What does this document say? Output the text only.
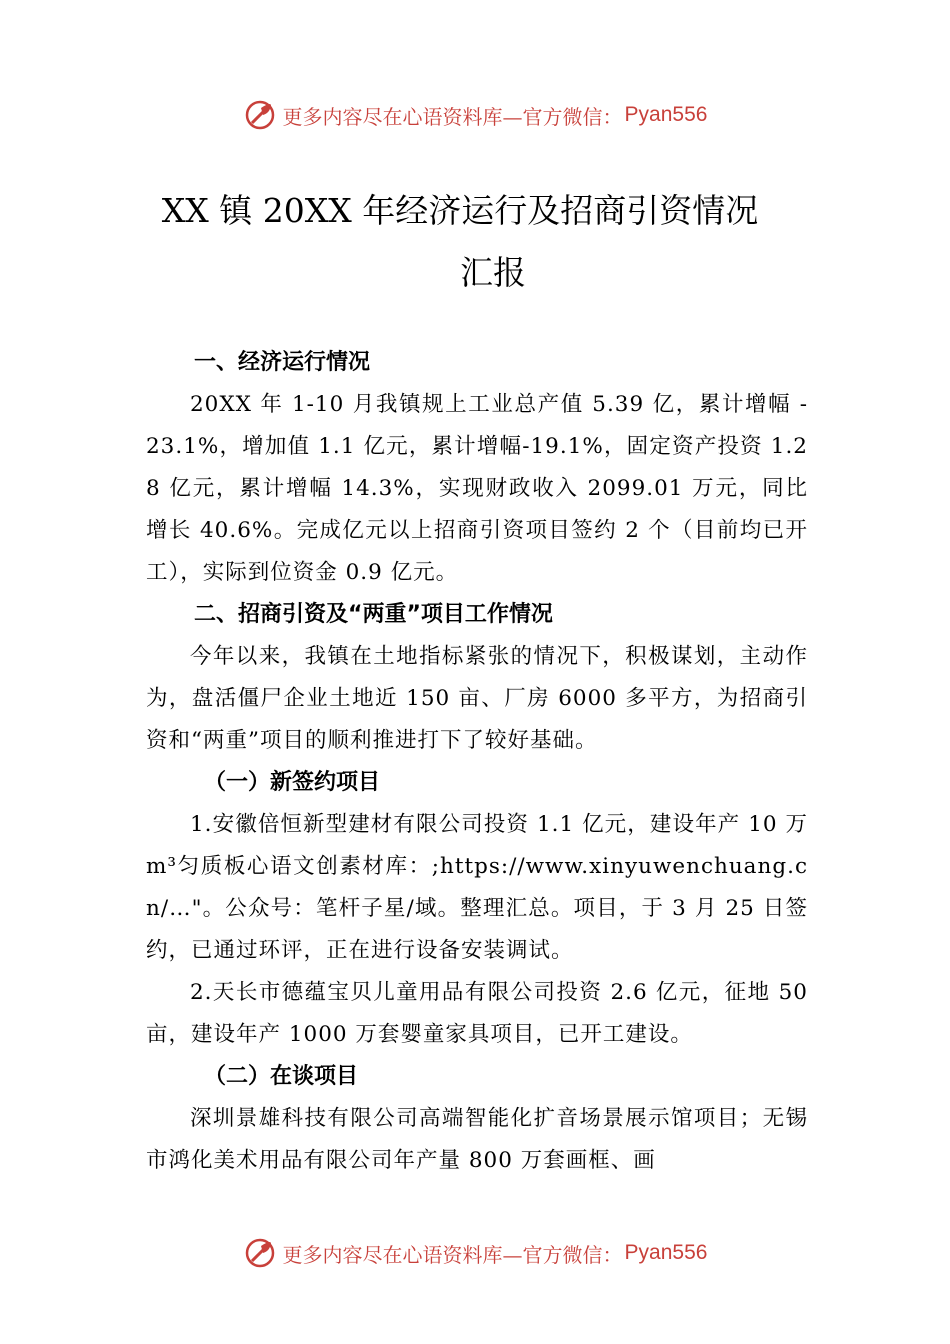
更多内容尽在心语资料库—官方微信： Pyan556
XX 镇 20XX 年经济运行及招商引资情况
汇报
一、经济运行情况

20XX 年 1-10 月我镇规上工业总产值 5.39 亿，累计增幅 -23.1%，增加值 1.1 亿元，累计增幅-19.1%，固定资产投资 1.28 亿元，累计增幅 14.3%，实现财政收入 2099.01 万元，同比增长 40.6%。完成亿元以上招商引资项目签约 2 个（目前均已开工），实际到位资金 0.9 亿元。

二、招商引资及“两重”项目工作情况

今年以来，我镇在土地指标紧张的情况下，积极谋划，主动作为，盘活僵尸企业土地近 150 亩、厂房 6000 多平方，为招商引资和“两重”项目的顺利推进打下了较好基础。

（一）新签约项目

1.安徽倍恒新型建材有限公司投资 1.1 亿元，建设年产 10 万m³匀质板心语文创素材库：;https://www.xinyuwenchuang.cn/…"。公众号：笔杆子星/域。整理汇总。项目，于 3 月 25 日签约，已通过环评，正在进行设备安装调试。

2.天长市德蕴宝贝儿童用品有限公司投资 2.6 亿元，征地 50 亩，建设年产 1000 万套婴童家具项目，已开工建设。

（二）在谈项目

深圳景雄科技有限公司高端智能化扩音场景展示馆项目；无锡市鸿化美术用品有限公司年产量 800 万套画框、画

更多内容尽在心语资料库—官方微信： Pyan556
